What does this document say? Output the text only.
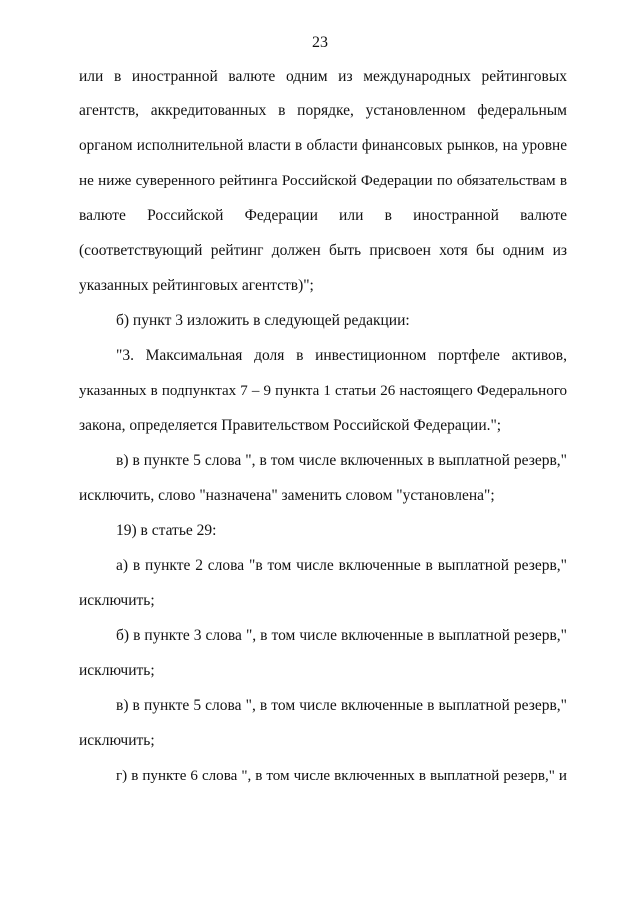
23
или в иностранной валюте одним из международных рейтинговых
агентств, аккредитованных в порядке, установленном федеральным
органом исполнительной власти в области финансовых рынков, на уровне
не ниже суверенного рейтинга Российской Федерации по обязательствам в
валюте Российской Федерации или в иностранной валюте
(соответствующий рейтинг должен быть присвоен хотя бы одним из
указанных рейтинговых агентств)";
б) пункт 3 изложить в следующей редакции:
"3. Максимальная доля в инвестиционном портфеле активов,
указанных в подпунктах 7 – 9 пункта 1 статьи 26 настоящего Федерального
закона, определяется Правительством Российской Федерации.";
в) в пункте 5 слова ", в том числе включенных в выплатной резерв,"
исключить, слово "назначена" заменить словом "установлена";
19) в статье 29:
а) в пункте 2 слова "в том числе включенные в выплатной резерв,"
исключить;
б) в пункте 3 слова ", в том числе включенные в выплатной резерв,"
исключить;
в) в пункте 5 слова ", в том числе включенные в выплатной резерв,"
исключить;
г) в пункте 6 слова ", в том числе включенных в выплатной резерв," и
